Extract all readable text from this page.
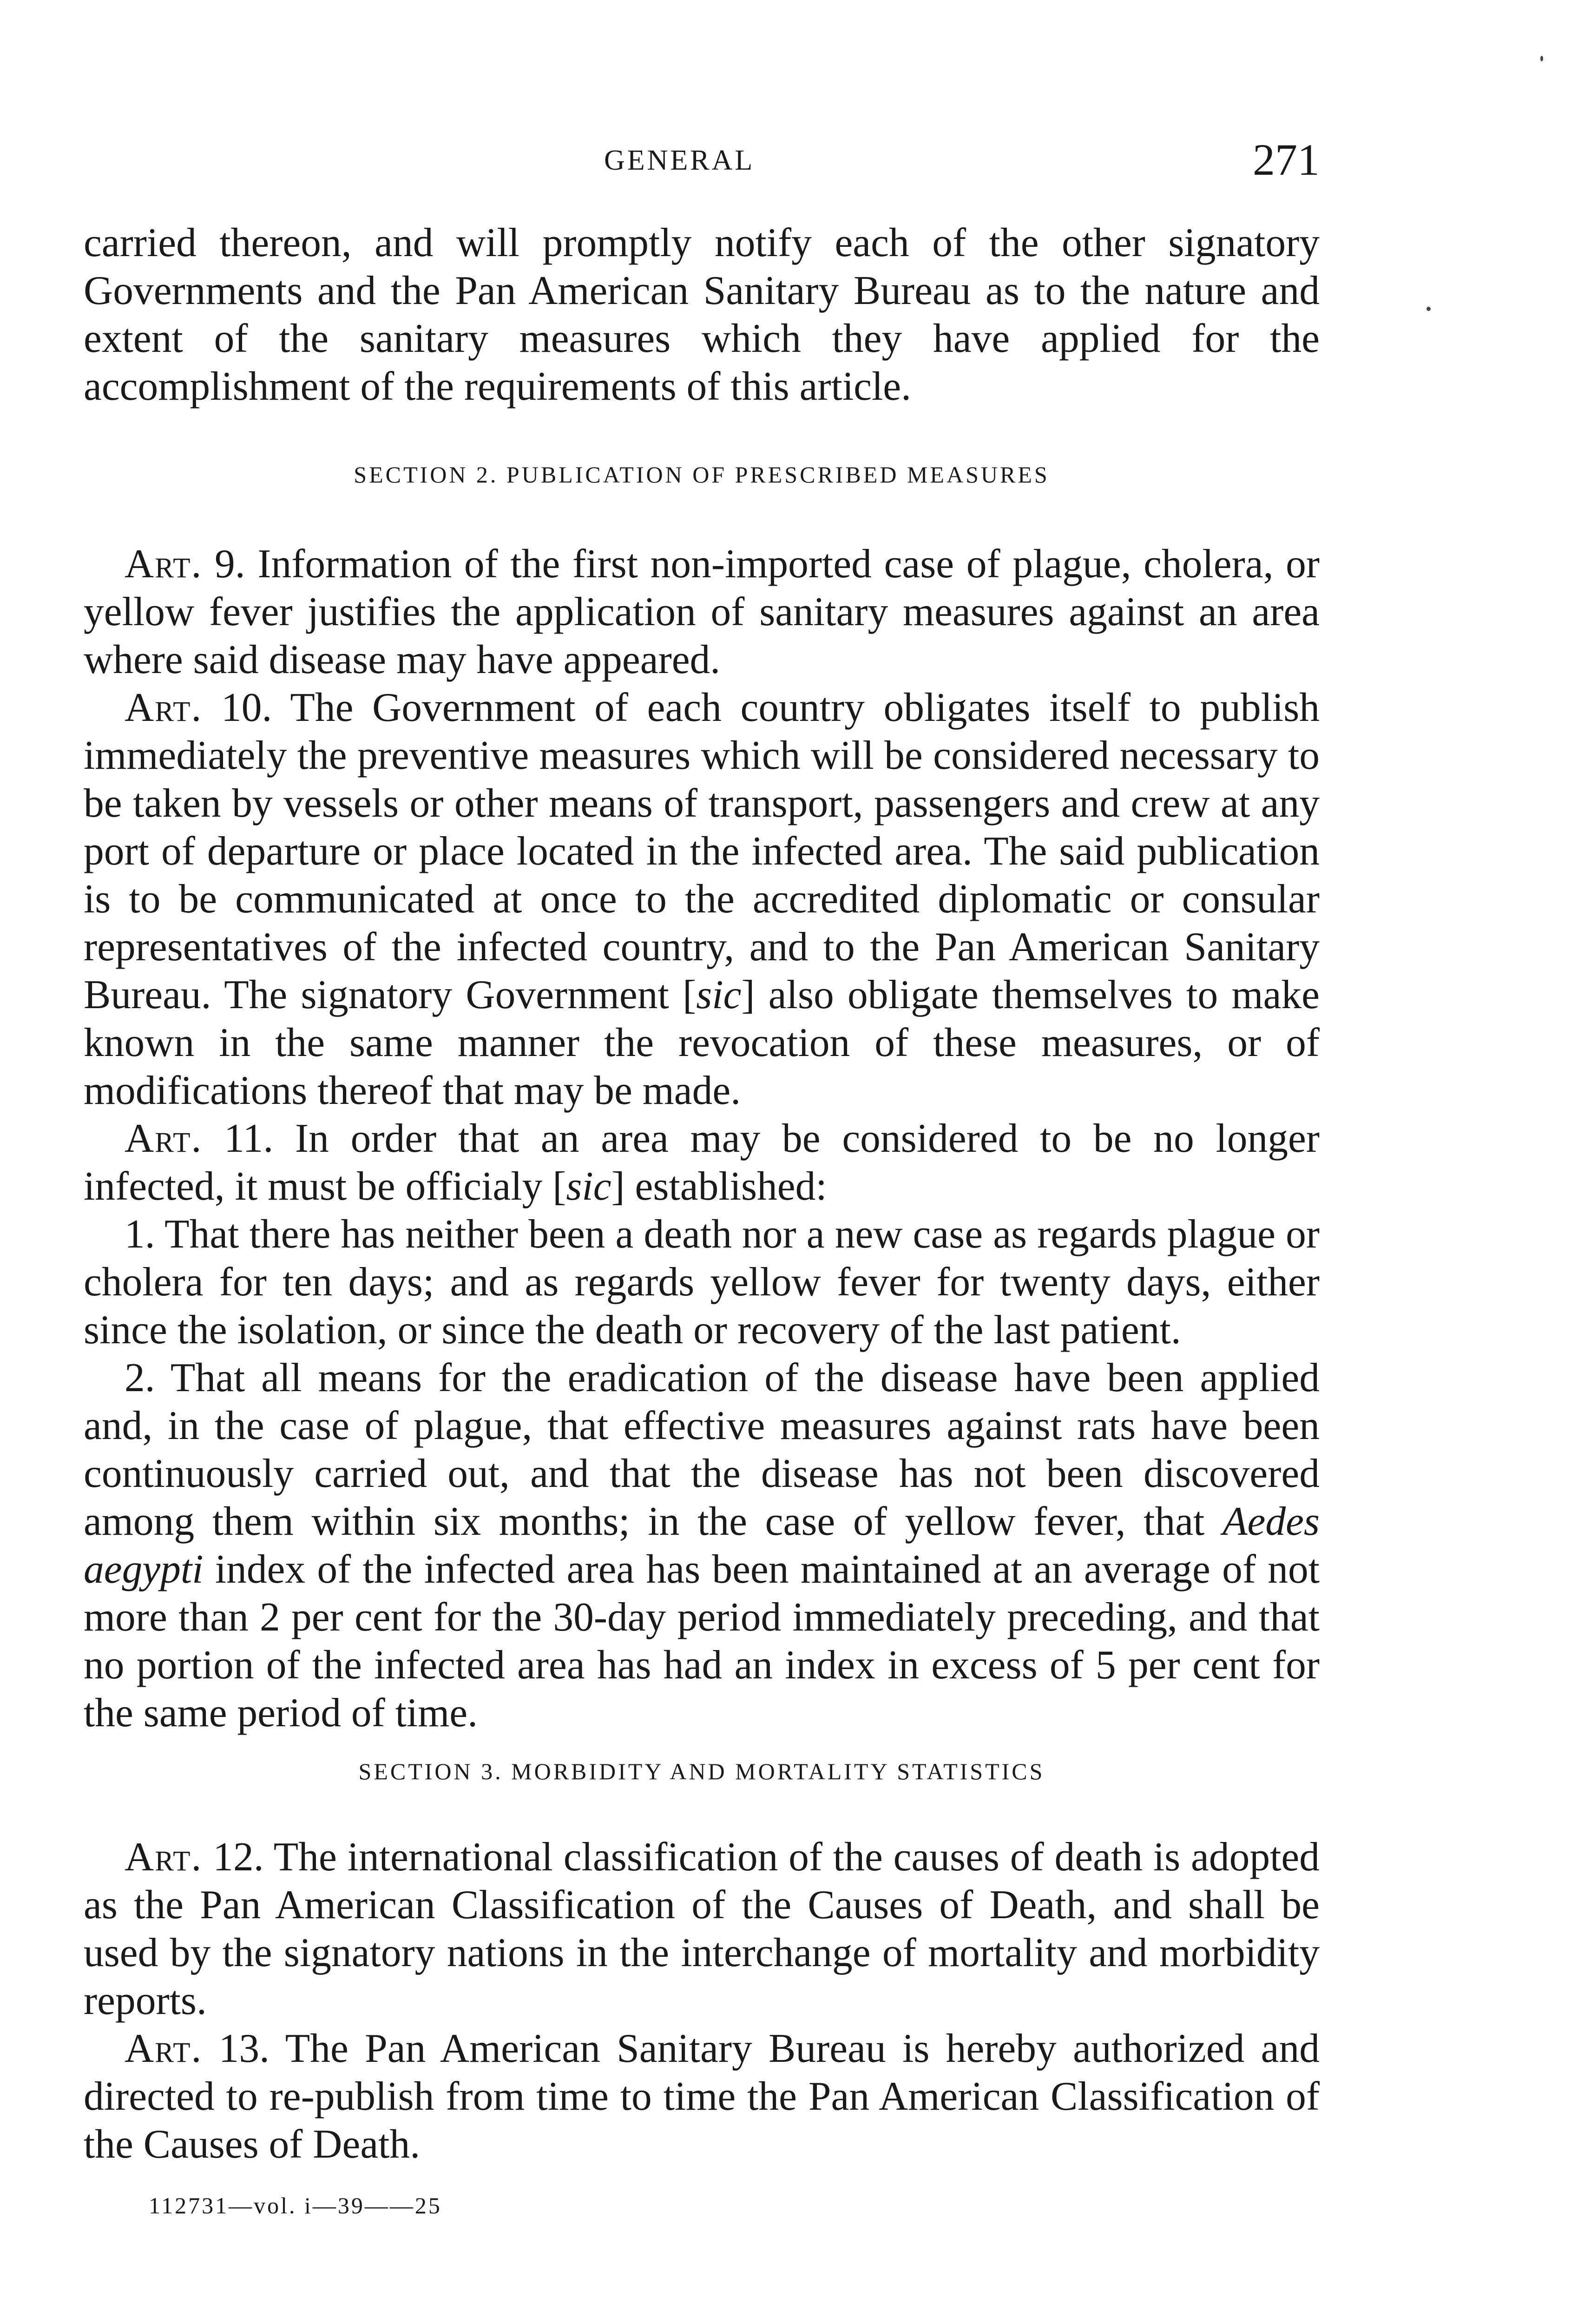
GENERAL	271

carried thereon, and will promptly notify each of the other signatory Governments and the Pan American Sanitary Bureau as to the nature and extent of the sanitary measures which they have applied for the accomplishment of the requirements of this article.

SECTION 2. PUBLICATION OF PRESCRIBED MEASURES

Art. 9. Information of the first non-imported case of plague, cholera, or yellow fever justifies the application of sanitary measures against an area where said disease may have appeared.

Art. 10. The Government of each country obligates itself to publish immediately the preventive measures which will be considered necessary to be taken by vessels or other means of transport, passengers and crew at any port of departure or place located in the infected area. The said publication is to be communicated at once to the accredited diplomatic or consular representatives of the infected country, and to the Pan American Sanitary Bureau. The signatory Government [sic] also obligate themselves to make known in the same manner the revocation of these measures, or of modifications thereof that may be made.

Art. 11. In order that an area may be considered to be no longer infected, it must be officialy [sic] established:

1. That there has neither been a death nor a new case as regards plague or cholera for ten days; and as regards yellow fever for twenty days, either since the isolation, or since the death or recovery of the last patient.

2. That all means for the eradication of the disease have been applied and, in the case of plague, that effective measures against rats have been continuously carried out, and that the disease has not been discovered among them within six months; in the case of yellow fever, that Aedes aegypti index of the infected area has been maintained at an average of not more than 2 per cent for the 30-day period immediately preceding, and that no portion of the infected area has had an index in excess of 5 per cent for the same period of time.

SECTION 3. MORBIDITY AND MORTALITY STATISTICS

Art. 12. The international classification of the causes of death is adopted as the Pan American Classification of the Causes of Death, and shall be used by the signatory nations in the interchange of mortality and morbidity reports.

Art. 13. The Pan American Sanitary Bureau is hereby authorized and directed to re-publish from time to time the Pan American Classification of the Causes of Death.

112731—vol. i—39——25
